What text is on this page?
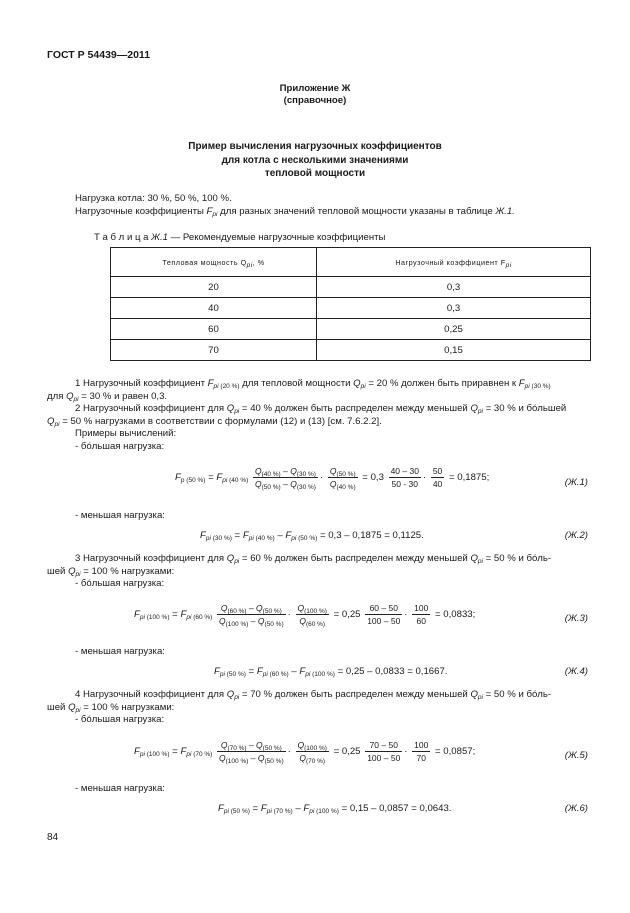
ГОСТ Р 54439—2011
Приложение Ж
(справочное)
Пример вычисления нагрузочных коэффициентов
для котла с несколькими значениями
тепловой мощности
Нагрузка котла: 30 %, 50 %, 100 %.
Нагрузочные коэффициенты $F_{pi}$ для разных значений тепловой мощности указаны в таблице Ж.1.
Т а б л и ц а Ж.1 — Рекомендуемые нагрузочные коэффициенты
Тепловая мощность $Q_{pi}$, %	Нагрузочный коэффициент $F_{pi}$
20	0,3
40	0,3
60	0,25
70	0,15
1 Нагрузочный коэффициент $F_{pi (20 \%)}$ для тепловой мощности $Q_{pi} = 20$ % должен быть приравнен к $F_{pi (30 \%)}$
для $Q_{pi} = 30$ % и равен 0,3.
2 Нагрузочный коэффициент для $Q_{pi} = 40$ % должен быть распределен между меньшей $Q_{pi} = 30$ % и бóльшей
$Q_{pi} = 50$ % нагрузками в соответствии с формулами (12) и (13) [см. 7.6.2.2].
Примеры вычислений:
- бóльшая нагрузка:
$F_{p (50 \%)} = F_{pi (40 \%)} \frac{Q_{(40 \%)} - Q_{(30 \%)}}{Q_{(50 \%)} - Q_{(30 \%)}} \cdot \frac{Q_{(50 \%)}}{Q_{(40 \%)}} = 0,3 \frac{40 - 30}{50 - 30} \cdot \frac{50}{40} = 0,1875$;	(Ж.1)
- меньшая нагрузка:
$F_{pi (30 \%)} = F_{pi (40 \%)} - F_{pi (50 \%)} = 0,3 - 0,1875 = 0,1125$.	(Ж.2)
3 Нагрузочный коэффициент для $Q_{pi} = 60$ % должен быть распределен между меньшей $Q_{pi} = 50$ % и бóль-
шей $Q_{pi} = 100$ % нагрузками:
- бóльшая нагрузка:
$F_{pi (100 \%)} = F_{pi (60 \%)} \frac{Q_{(60 \%)} - Q_{(50 \%)}}{Q_{(100 \%)} - Q_{(50 \%)}} \cdot \frac{Q_{(100 \%)}}{Q_{(60 \%)}} = 0,25 \frac{60 - 50}{100 - 50} \cdot \frac{100}{60} = 0,0833$;	(Ж.3)
- меньшая нагрузка:
$F_{pi (50 \%)} = F_{pi (60 \%)} - F_{pi (100 \%)} = 0,25 - 0,0833 = 0,1667$.	(Ж.4)
4 Нагрузочный коэффициент для $Q_{pi} = 70$ % должен быть распределен между меньшей $Q_{pi} = 50$ % и бóль-
шей $Q_{pi} = 100$ % нагрузками:
- бóльшая нагрузка:
$F_{pi (100 \%)} = F_{pi (70 \%)} \frac{Q_{(70 \%)} - Q_{(50 \%)}}{Q_{(100 \%)} - Q_{(50 \%)}} \cdot \frac{Q_{(100 \%)}}{Q_{(70 \%)}} = 0,25 \frac{70 - 50}{100 - 50} \cdot \frac{100}{70} = 0,0857$;	(Ж.5)
- меньшая нагрузка:
$F_{pi (50 \%)} = F_{pi (70 \%)} - F_{pi (100 \%)} = 0,15 - 0,0857 = 0,0643$.	(Ж.6)
84
